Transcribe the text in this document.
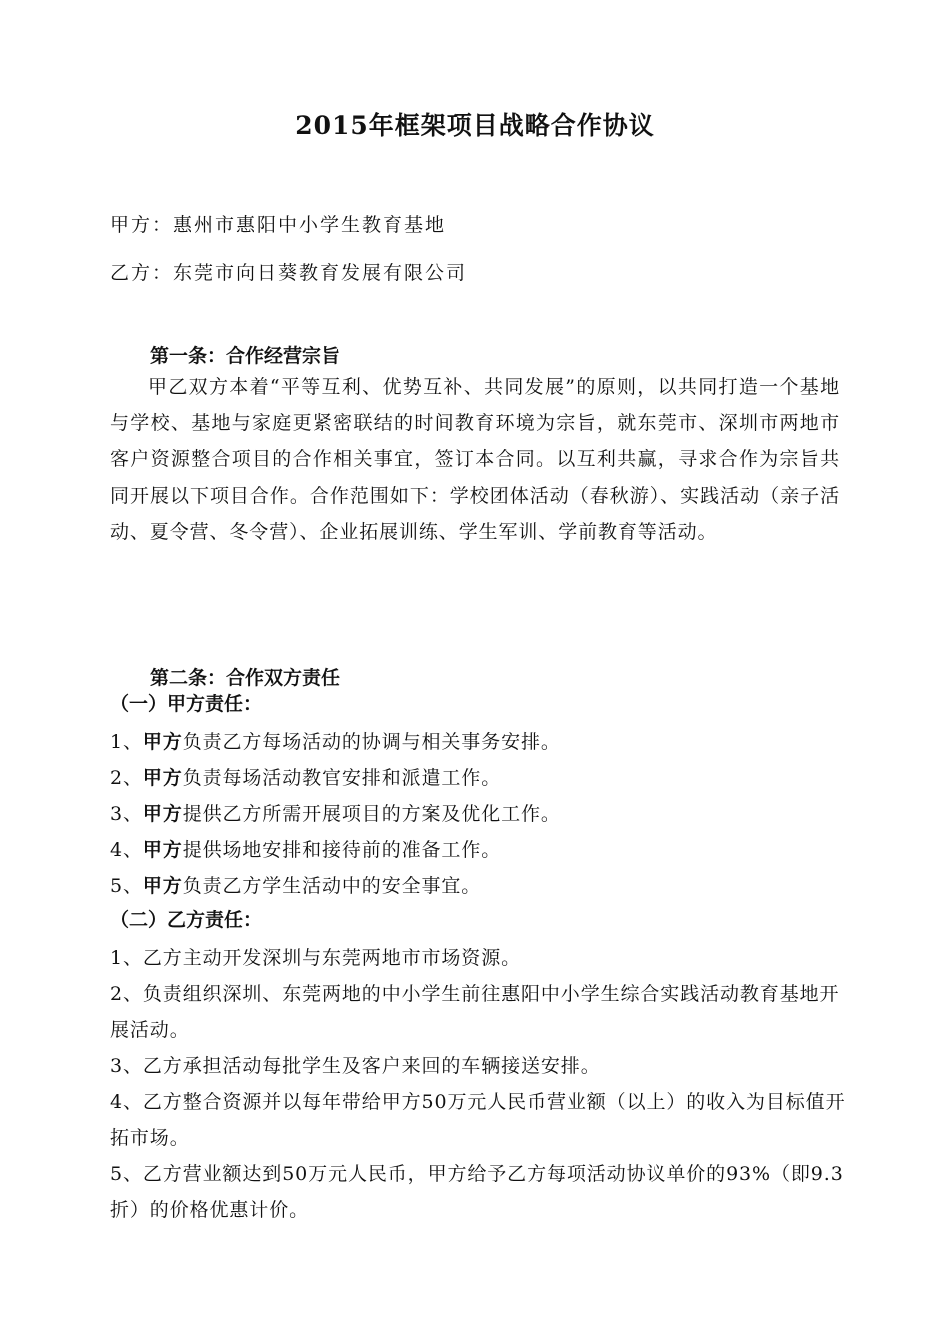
2015年框架项目战略合作协议

甲方：惠州市惠阳中小学生教育基地

乙方：东莞市向日葵教育发展有限公司

第一条：合作经营宗旨

甲乙双方本着“平等互利、优势互补、共同发展”的原则，以共同打造一个基地与学校、基地与家庭更紧密联结的时间教育环境为宗旨，就东莞市、深圳市两地市客户资源整合项目的合作相关事宜，签订本合同。以互利共赢，寻求合作为宗旨共同开展以下项目合作。合作范围如下：学校团体活动（春秋游）、实践活动（亲子活动、夏令营、冬令营）、企业拓展训练、学生军训、学前教育等活动。

第二条：合作双方责任
（一）甲方责任：

1、甲方负责乙方每场活动的协调与相关事务安排。

2、甲方负责每场活动教官安排和派遣工作。

3、甲方提供乙方所需开展项目的方案及优化工作。

4、甲方提供场地安排和接待前的准备工作。

5、甲方负责乙方学生活动中的安全事宜。

（二）乙方责任：

1、乙方主动开发深圳与东莞两地市市场资源。

2、负责组织深圳、东莞两地的中小学生前往惠阳中小学生综合实践活动教育基地开展活动。

3、乙方承担活动每批学生及客户来回的车辆接送安排。

4、乙方整合资源并以每年带给甲方50万元人民币营业额（以上）的收入为目标值开拓市场。

5、乙方营业额达到50万元人民币，甲方给予乙方每项活动协议单价的93%（即9.3折）的价格优惠计价。
